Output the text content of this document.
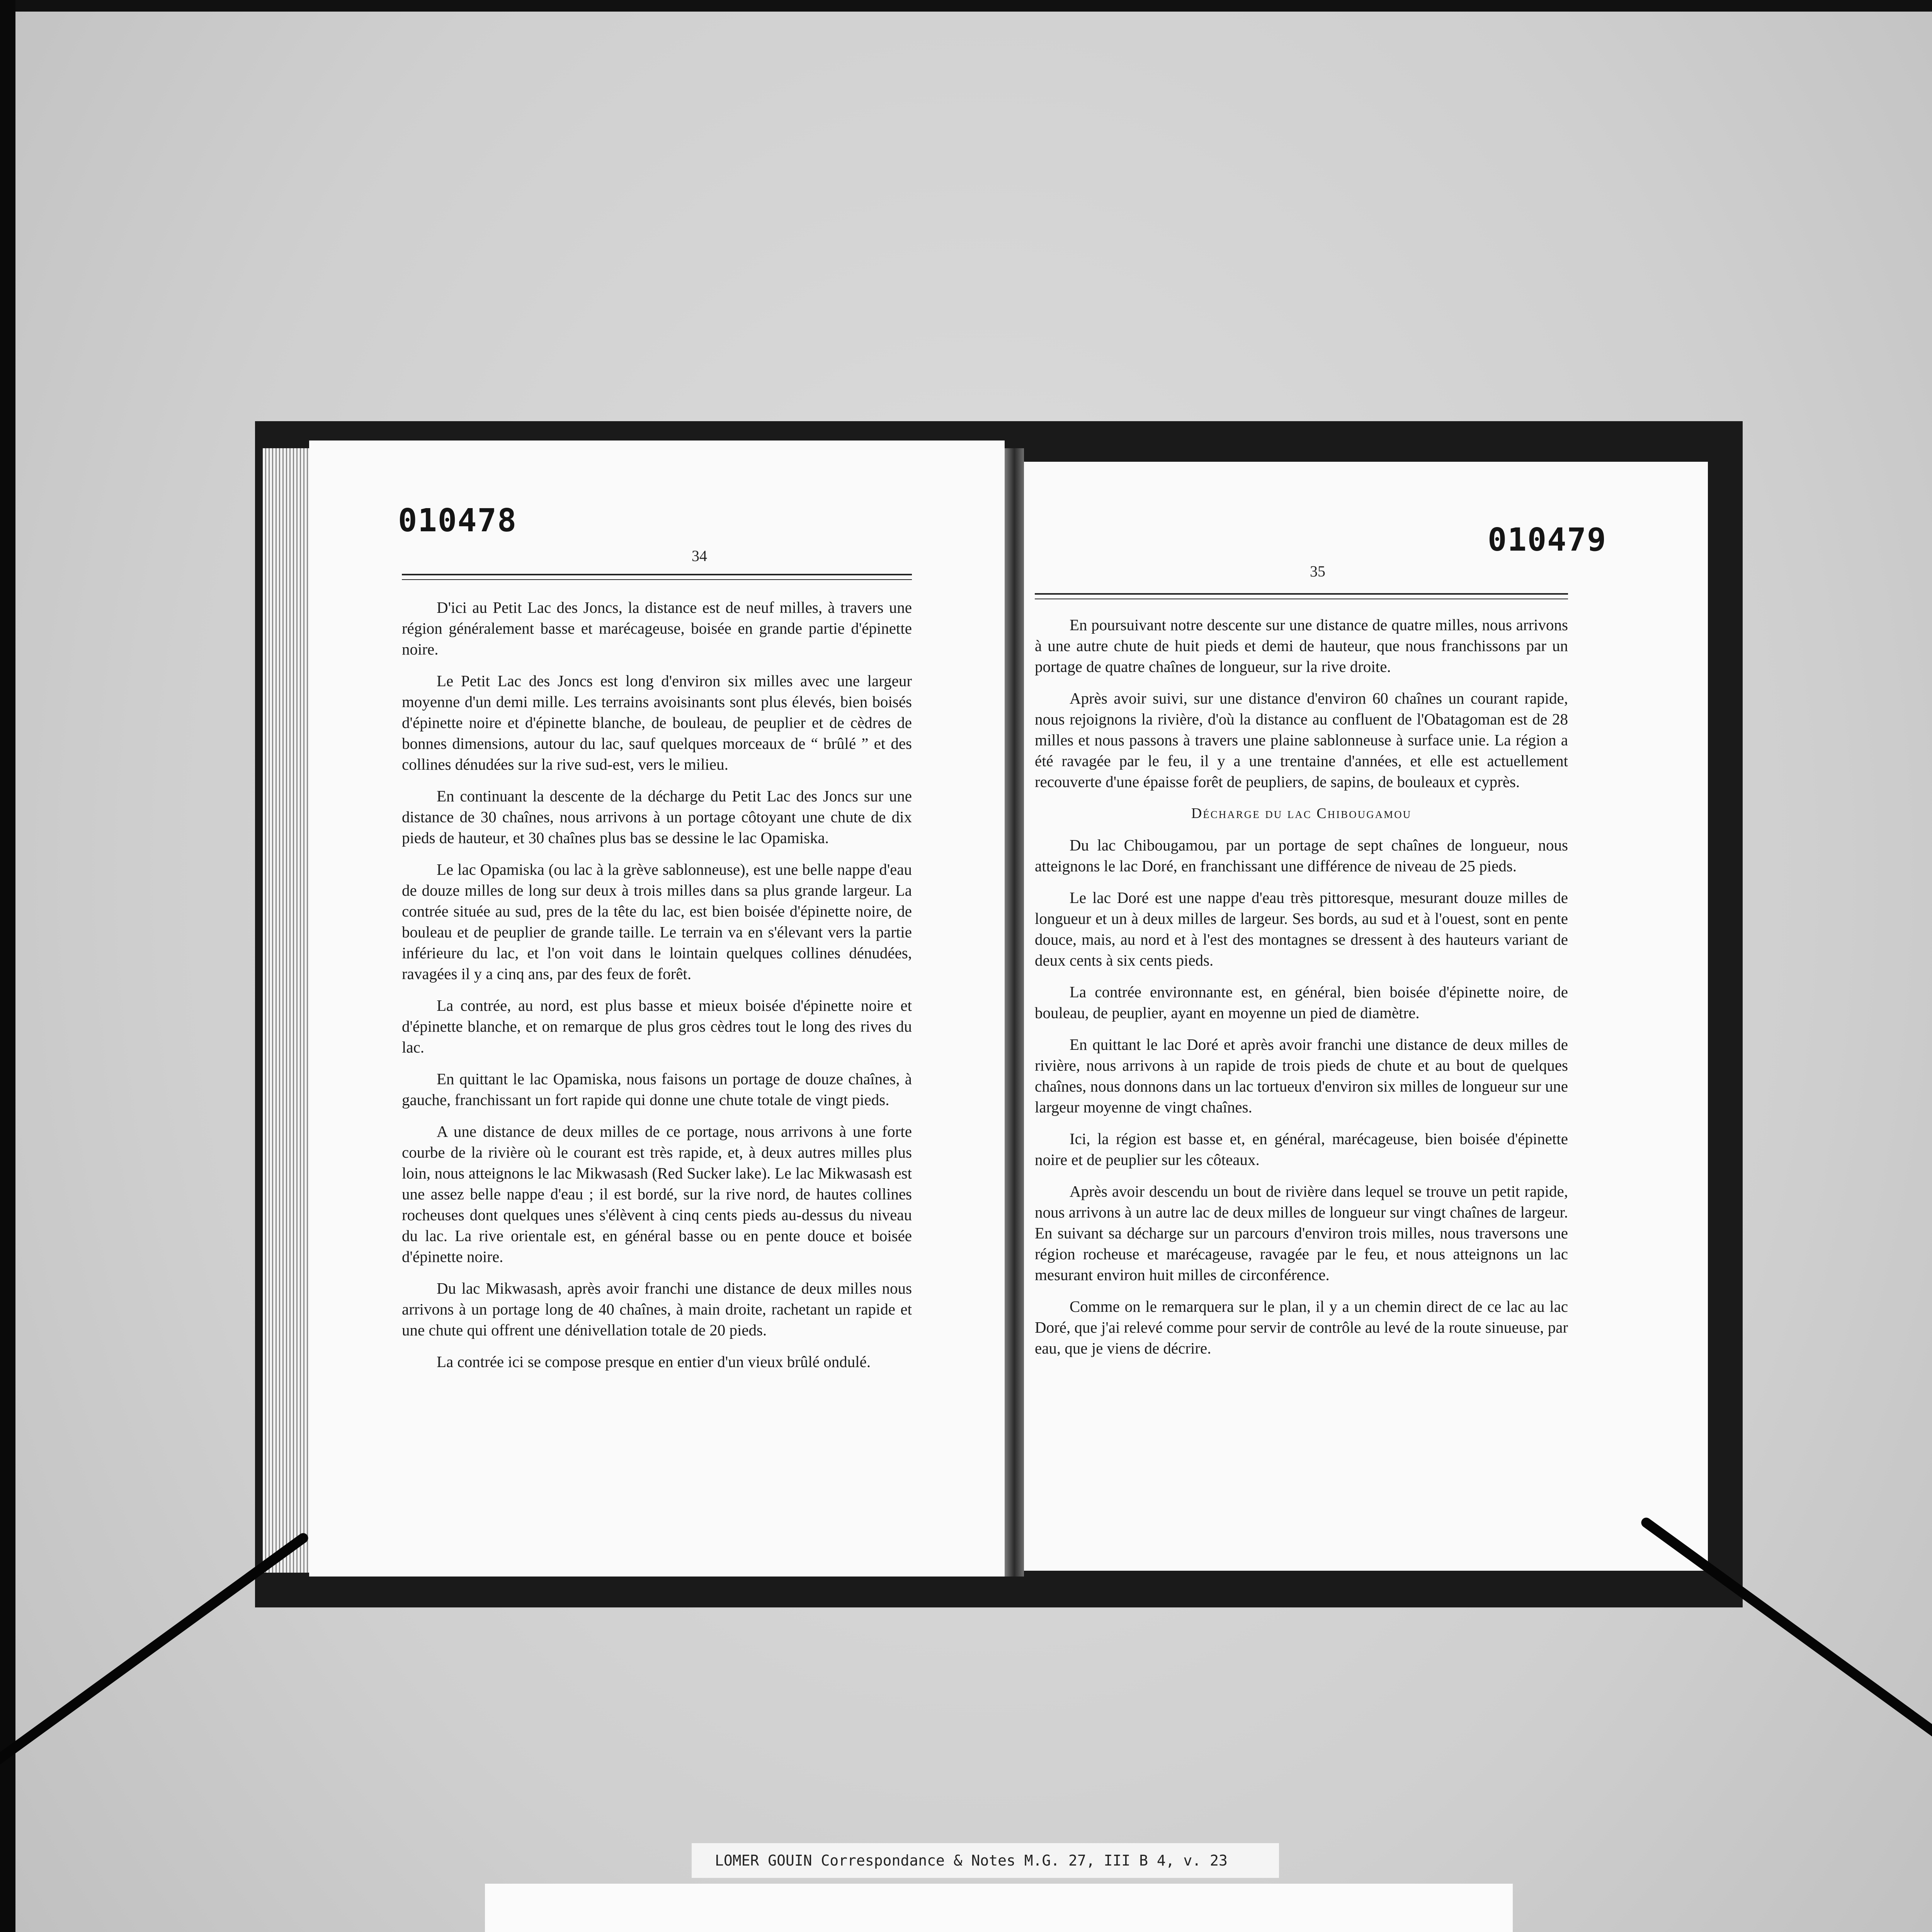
010478
34

D'ici au Petit Lac des Joncs, la distance est de neuf milles, à travers une région généralement basse et marécageuse, boisée en grande partie d'épinette noire.

Le Petit Lac des Joncs est long d'environ six milles avec une largeur moyenne d'un demi mille. Les terrains avoisinants sont plus élevés, bien boisés d'épinette noire et d'épinette blanche, de bouleau, de peuplier et de cèdres de bonnes dimensions, autour du lac, sauf quelques morceaux de “ brûlé ” et des collines dénudées sur la rive sud-est, vers le milieu.

En continuant la descente de la décharge du Petit Lac des Joncs sur une distance de 30 chaînes, nous arrivons à un portage côtoyant une chute de dix pieds de hauteur, et 30 chaînes plus bas se dessine le lac Opamiska.

Le lac Opamiska (ou lac à la grève sablonneuse), est une belle nappe d'eau de douze milles de long sur deux à trois milles dans sa plus grande largeur. La contrée située au sud, pres de la tête du lac, est bien boisée d'épinette noire, de bouleau et de peuplier de grande taille. Le terrain va en s'élevant vers la partie inférieure du lac, et l'on voit dans le lointain quelques collines dénudées, ravagées il y a cinq ans, par des feux de forêt.

La contrée, au nord, est plus basse et mieux boisée d'épinette noire et d'épinette blanche, et on remarque de plus gros cèdres tout le long des rives du lac.

En quittant le lac Opamiska, nous faisons un portage de douze chaînes, à gauche, franchissant un fort rapide qui donne une chute totale de vingt pieds.

A une distance de deux milles de ce portage, nous arrivons à une forte courbe de la rivière où le courant est très rapide, et, à deux autres milles plus loin, nous atteignons le lac Mikwasash (Red Sucker lake). Le lac Mikwasash est une assez belle nappe d'eau ; il est bordé, sur la rive nord, de hautes collines rocheuses dont quelques unes s'élèvent à cinq cents pieds au-dessus du niveau du lac. La rive orientale est, en général basse ou en pente douce et boisée d'épinette noire.

Du lac Mikwasash, après avoir franchi une distance de deux milles nous arrivons à un portage long de 40 chaînes, à main droite, rachetant un rapide et une chute qui offrent une dénivellation totale de 20 pieds.

La contrée ici se compose presque en entier d'un vieux brûlé ondulé.

010479
35

En poursuivant notre descente sur une distance de quatre milles, nous arrivons à une autre chute de huit pieds et demi de hauteur, que nous franchissons par un portage de quatre chaînes de longueur, sur la rive droite.

Après avoir suivi, sur une distance d'environ 60 chaînes un courant rapide, nous rejoignons la rivière, d'où la distance au confluent de l'Obatagoman est de 28 milles et nous passons à travers une plaine sablonneuse à surface unie. La région a été ravagée par le feu, il y a une trentaine d'années, et elle est actuellement recouverte d'une épaisse forêt de peupliers, de sapins, de bouleaux et cyprès.

Décharge du lac Chibougamou

Du lac Chibougamou, par un portage de sept chaînes de longueur, nous atteignons le lac Doré, en franchissant une différence de niveau de 25 pieds.

Le lac Doré est une nappe d'eau très pittoresque, mesurant douze milles de longueur et un à deux milles de largeur. Ses bords, au sud et à l'ouest, sont en pente douce, mais, au nord et à l'est des montagnes se dressent à des hauteurs variant de deux cents à six cents pieds.

La contrée environnante est, en général, bien boisée d'épinette noire, de bouleau, de peuplier, ayant en moyenne un pied de diamètre.

En quittant le lac Doré et après avoir franchi une distance de deux milles de rivière, nous arrivons à un rapide de trois pieds de chute et au bout de quelques chaînes, nous donnons dans un lac tortueux d'environ six milles de longueur sur une largeur moyenne de vingt chaînes.

Ici, la région est basse et, en général, marécageuse, bien boisée d'épinette noire et de peuplier sur les côteaux.

Après avoir descendu un bout de rivière dans lequel se trouve un petit rapide, nous arrivons à un autre lac de deux milles de longueur sur vingt chaînes de largeur. En suivant sa décharge sur un parcours d'environ trois milles, nous traversons une région rocheuse et marécageuse, ravagée par le feu, et nous atteignons un lac mesurant environ huit milles de circonférence.

Comme on le remarquera sur le plan, il y a un chemin direct de ce lac au lac Doré, que j'ai relevé comme pour servir de contrôle au levé de la route sinueuse, par eau, que je viens de décrire.

LOMER GOUIN Correspondance & Notes M.G. 27, III B 4, v. 23
